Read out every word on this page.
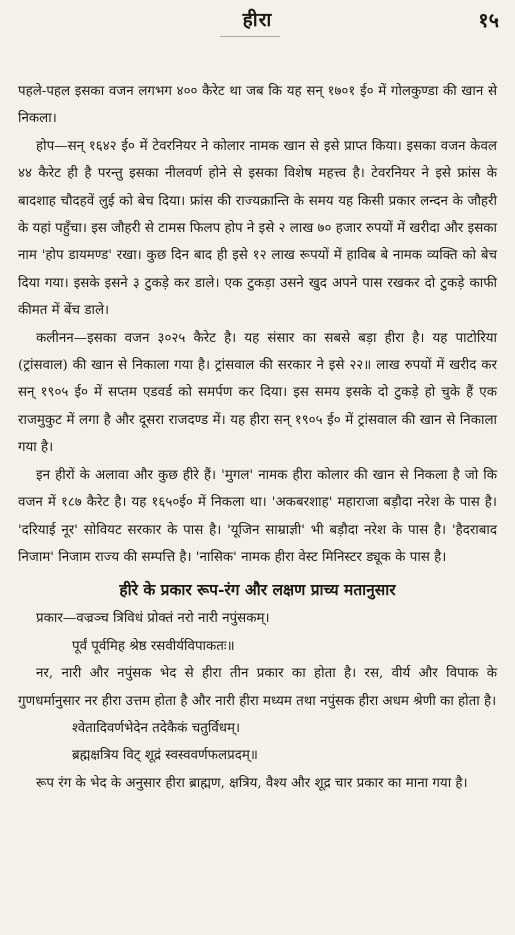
हीरा	१५

पहले-पहल इसका वजन लगभग ४०० कैरेट था जब कि यह सन् १७०१ ई० में गोलकुण्डा की खान से निकला।

होप—सन् १६४२ ई० में टेवरनियर ने कोलार नामक खान से इसे प्राप्त किया। इसका वजन केवल ४४ कैरेट ही है परन्तु इसका नीलवर्ण होने से इसका विशेष महत्त्व है। टेवरनियर ने इसे फ्रांस के बादशाह चौदहवें लुई को बेच दिया। फ्रांस की राज्यक्रान्ति के समय यह किसी प्रकार लन्दन के जौहरी के यहां पहुँचा। इस जौहरी से टामस फिलप होप ने इसे २ लाख ७० हजार रुपयों में खरीदा और इसका नाम 'होप डायमण्ड' रखा। कुछ दिन बाद ही इसे १२ लाख रूपयों में हाविब बे नामक व्यक्ति को बेच दिया गया। इसके इसने ३ टुकड़े कर डाले। एक टुकड़ा उसने खुद अपने पास रखकर दो टुकड़े काफी कीमत में बेंच डाले।

कलीनन—इसका वजन ३०२५ कैरेट है। यह संसार का सबसे बड़ा हीरा है। यह पाटोरिया (ट्रांसवाल) की खान से निकाला गया है। ट्रांसवाल की सरकार ने इसे २२॥ लाख रुपयों में खरीद कर सन् १९०५ ई० में सप्तम एडवर्ड को समर्पण कर दिया। इस समय इसके दो टुकड़े हो चुके हैं एक राजमुकुट में लगा है और दूसरा राजदण्ड में। यह हीरा सन् १९०५ ई० में ट्रांसवाल की खान से निकाला गया है।

इन हीरों के अलावा और कुछ हीरे हैं। 'मुगल' नामक हीरा कोलार की खान से निकला है जो कि वजन में १८७ कैरेट है। यह १६५०ई० में निकला था। 'अकबरशाह' महाराजा बड़ौदा नरेश के पास है। 'दरियाई नूर' सोवियट सरकार के पास है। 'यूजिन साम्राज्ञी' भी बड़ौदा नरेश के पास है। 'हैदराबाद निजाम' निजाम राज्य की सम्पत्ति है। 'नासिक' नामक हीरा वेस्ट मिनिस्टर ड्यूक के पास है।

हीरे के प्रकार रूप-रंग और लक्षण प्राच्य मतानुसार
प्रकार—वज्रञ्च त्रिविधं प्रोक्तं नरो नारी नपुंसकम्।
पूर्वं पूर्वमिह श्रेष्ठ रसवीर्यविपाकतः॥

नर, नारी और नपुंसक भेद से हीरा तीन प्रकार का होता है। रस, वीर्य और विपाक के गुणधर्मानुसार नर हीरा उत्तम होता है और नारी हीरा मध्यम तथा नपुंसक हीरा अधम श्रेणी का होता है।

श्वेतादिवर्णभेदेन तदेकैकं चतुर्विधम्।
ब्रह्मक्षत्रिय विट् शूद्रं स्वस्ववर्णफलप्रदम्॥

रूप रंग के भेद के अनुसार हीरा ब्राह्मण, क्षत्रिय, वैश्य और शूद्र चार प्रकार का माना गया है।
